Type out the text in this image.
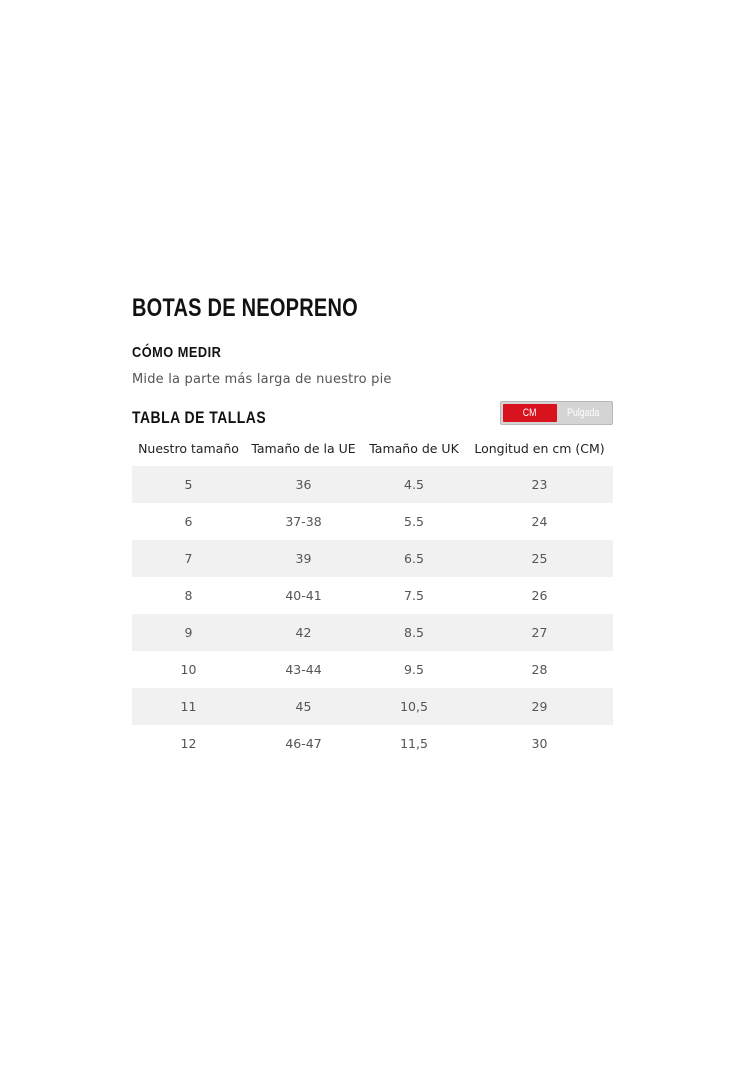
BOTAS DE NEOPRENO
CÓMO MEDIR
Mide la parte más larga de nuestro pie
TABLA DE TALLAS	CM	Pulgada
Nuestro tamaño	Tamaño de la UE	Tamaño de UK	Longitud en cm (CM)
5	36	4.5	23
6	37-38	5.5	24
7	39	6.5	25
8	40-41	7.5	26
9	42	8.5	27
10	43-44	9.5	28
11	45	10,5	29
12	46-47	11,5	30
